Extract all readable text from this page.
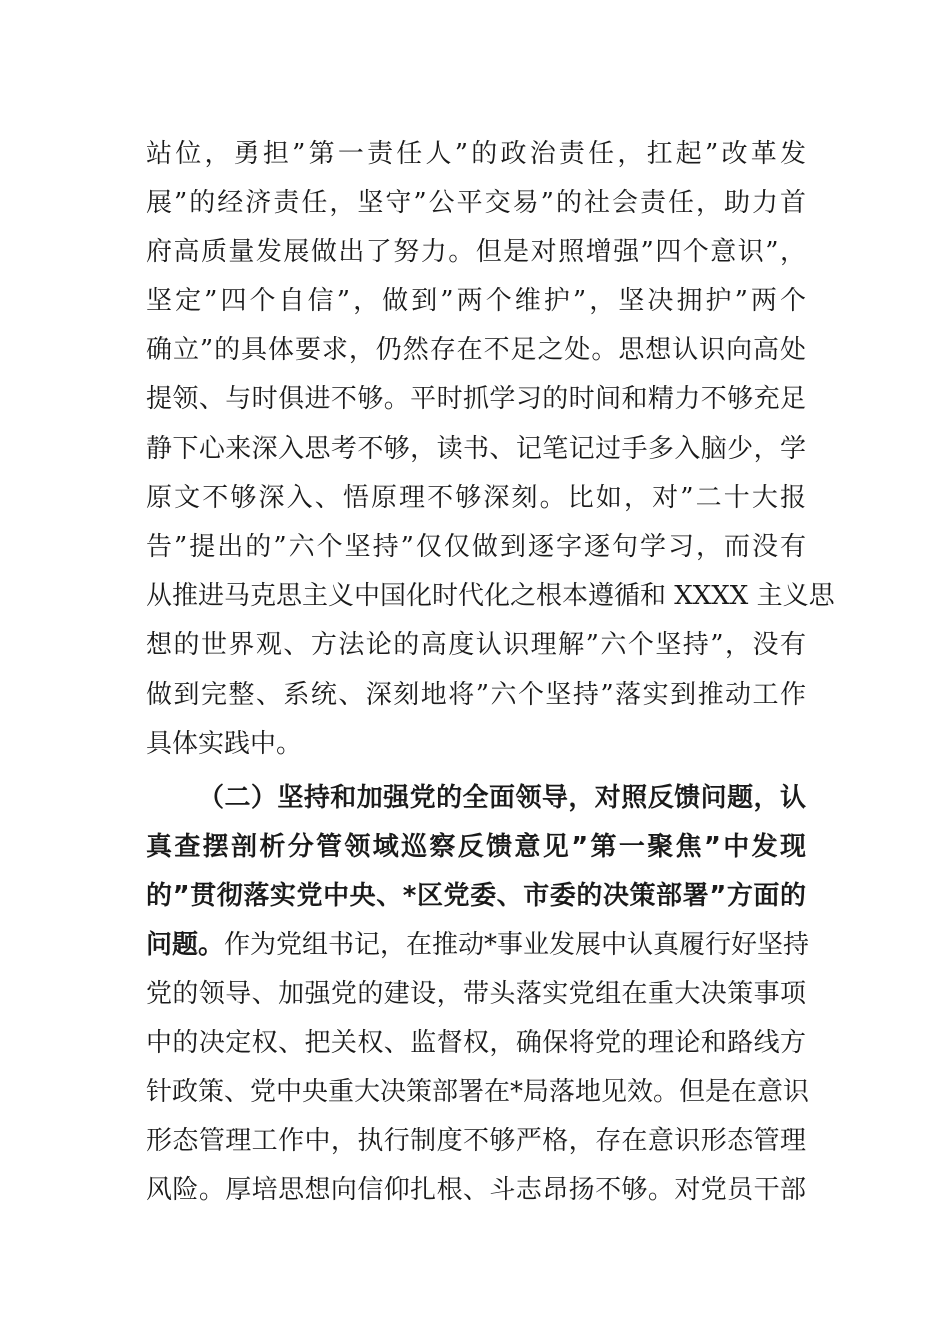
站位，勇担”第一责任人”的政治责任，扛起”改革发
展”的经济责任，坚守”公平交易”的社会责任，助力首
府高质量发展做出了努力。但是对照增强”四个意识”，
坚定”四个自信”，做到”两个维护”，坚决拥护”两个
确立”的具体要求，仍然存在不足之处。思想认识向高处
提领、与时俱进不够。平时抓学习的时间和精力不够充足
静下心来深入思考不够，读书、记笔记过手多入脑少，学
原文不够深入、悟原理不够深刻。比如，对”二十大报
告”提出的”六个坚持”仅仅做到逐字逐句学习，而没有
从推进马克思主义中国化时代化之根本遵循和 XXXX 主义思
想的世界观、方法论的高度认识理解”六个坚持”，没有
做到完整、系统、深刻地将”六个坚持”落实到推动工作
具体实践中。
（二）坚持和加强党的全面领导，对照反馈问题，认
真查摆剖析分管领域巡察反馈意见”第一聚焦”中发现
的”贯彻落实党中央、*区党委、市委的决策部署”方面的
问题。作为党组书记，在推动*事业发展中认真履行好坚持
党的领导、加强党的建设，带头落实党组在重大决策事项
中的决定权、把关权、监督权，确保将党的理论和路线方
针政策、党中央重大决策部署在*局落地见效。但是在意识
形态管理工作中，执行制度不够严格，存在意识形态管理
风险。厚培思想向信仰扎根、斗志昂扬不够。对党员干部
